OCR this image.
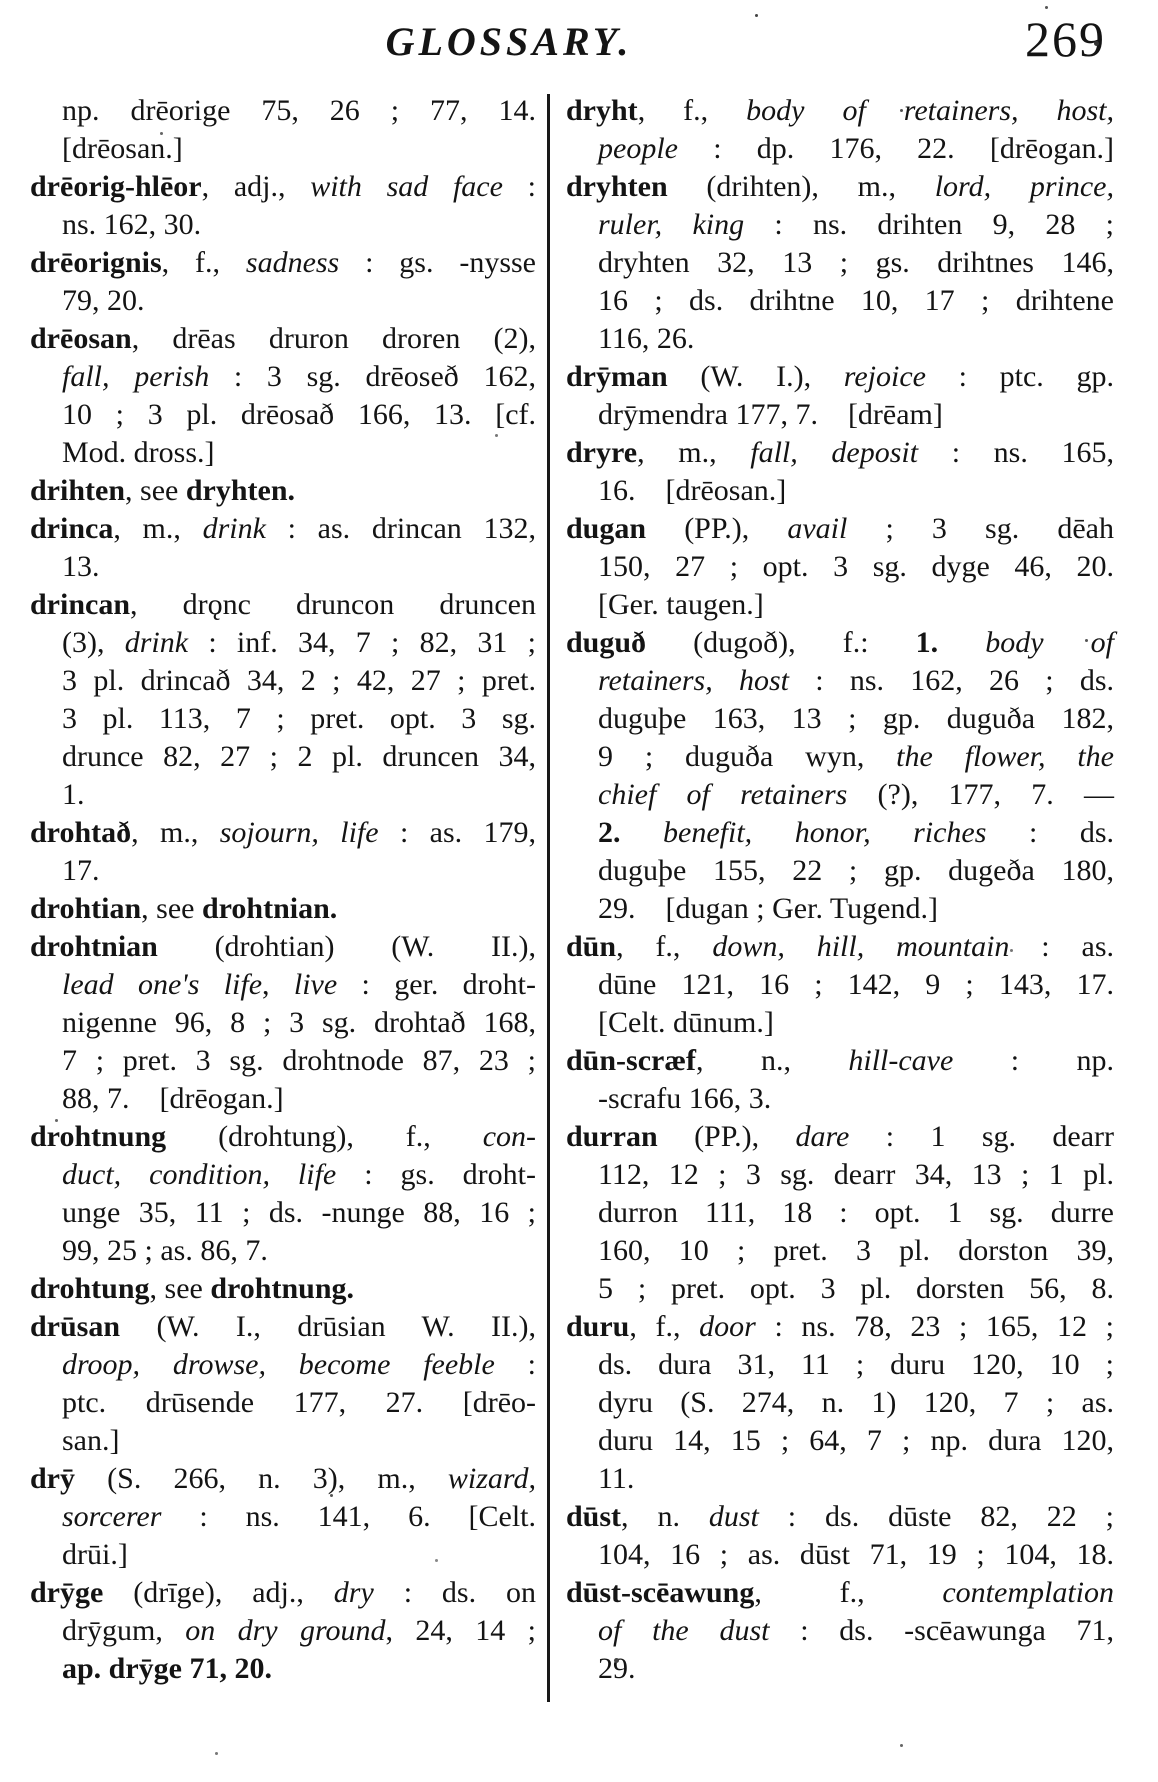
GLOSSARY.	269
np. drēorige 75, 26 ; 77, 14.
[drēosan.]
drēorig-hlēor, adj., with sad face :
ns. 162, 30.
drēorignis, f., sadness : gs. -nysse
79, 20.
drēosan, drēas druron droren (2),
fall, perish : 3 sg. drēoseð 162,
10 ; 3 pl. drēosað 166, 13. [cf.
Mod. dross.]
drihten, see dryhten.
drinca, m., drink : as. drincan 132,
13.
drincan, drǫnc druncon druncen
(3), drink : inf. 34, 7 ; 82, 31 ;
3 pl. drincað 34, 2 ; 42, 27 ; pret.
3 pl. 113, 7 ; pret. opt. 3 sg.
drunce 82, 27 ; 2 pl. druncen 34,
1.
drohtað, m., sojourn, life : as. 179,
17.
drohtian, see drohtnian.
drohtnian (drohtian) (W. II.),
lead one's life, live : ger. droht-
nigenne 96, 8 ; 3 sg. drohtað 168,
7 ; pret. 3 sg. drohtnode 87, 23 ;
88, 7. [drēogan.]
drohtnung (drohtung), f., con-
duct, condition, life : gs. droht-
unge 35, 11 ; ds. -nunge 88, 16 ;
99, 25 ; as. 86, 7.
drohtung, see drohtnung.
drūsan (W. I., drūsian W. II.),
droop, drowse, become feeble :
ptc. drūsende 177, 27. [drēo-
san.]
drȳ (S. 266, n. 3), m., wizard,
sorcerer : ns. 141, 6. [Celt.
drūi.]
drȳge (drīge), adj., dry : ds. on
drȳgum, on dry ground, 24, 14 ;
ap. drȳge 71, 20.
dryht, f., body of retainers, host,
people : dp. 176, 22. [drēogan.]
dryhten (drihten), m., lord, prince,
ruler, king : ns. drihten 9, 28 ;
dryhten 32, 13 ; gs. drihtnes 146,
16 ; ds. drihtne 10, 17 ; drihtene
116, 26.
drȳman (W. I.), rejoice : ptc. gp.
drȳmendra 177, 7. [drēam]
dryre, m., fall, deposit : ns. 165,
16. [drēosan.]
dugan (PP.), avail ; 3 sg. dēah
150, 27 ; opt. 3 sg. dyge 46, 20.
[Ger. taugen.]
duguð (dugoð), f.: 1. body of
retainers, host : ns. 162, 26 ; ds.
duguþe 163, 13 ; gp. duguða 182,
9 ; duguða wyn, the flower, the
chief of retainers (?), 177, 7. —
2. benefit, honor, riches : ds.
duguþe 155, 22 ; gp. dugeða 180,
29. [dugan ; Ger. Tugend.]
dūn, f., down, hill, mountain : as.
dūne 121, 16 ; 142, 9 ; 143, 17.
[Celt. dūnum.]
dūn-scræf, n., hill-cave : np.
-scrafu 166, 3.
durran (PP.), dare : 1 sg. dearr
112, 12 ; 3 sg. dearr 34, 13 ; 1 pl.
durron 111, 18 : opt. 1 sg. durre
160, 10 ; pret. 3 pl. dorston 39,
5 ; pret. opt. 3 pl. dorsten 56, 8.
duru, f., door : ns. 78, 23 ; 165, 12 ;
ds. dura 31, 11 ; duru 120, 10 ;
dyru (S. 274, n. 1) 120, 7 ; as.
duru 14, 15 ; 64, 7 ; np. dura 120,
11.
dūst, n. dust : ds. dūste 82, 22 ;
104, 16 ; as. dūst 71, 19 ; 104, 18.
dūst-scēawung, f., contemplation
of the dust : ds. -scēawunga 71,
29.
